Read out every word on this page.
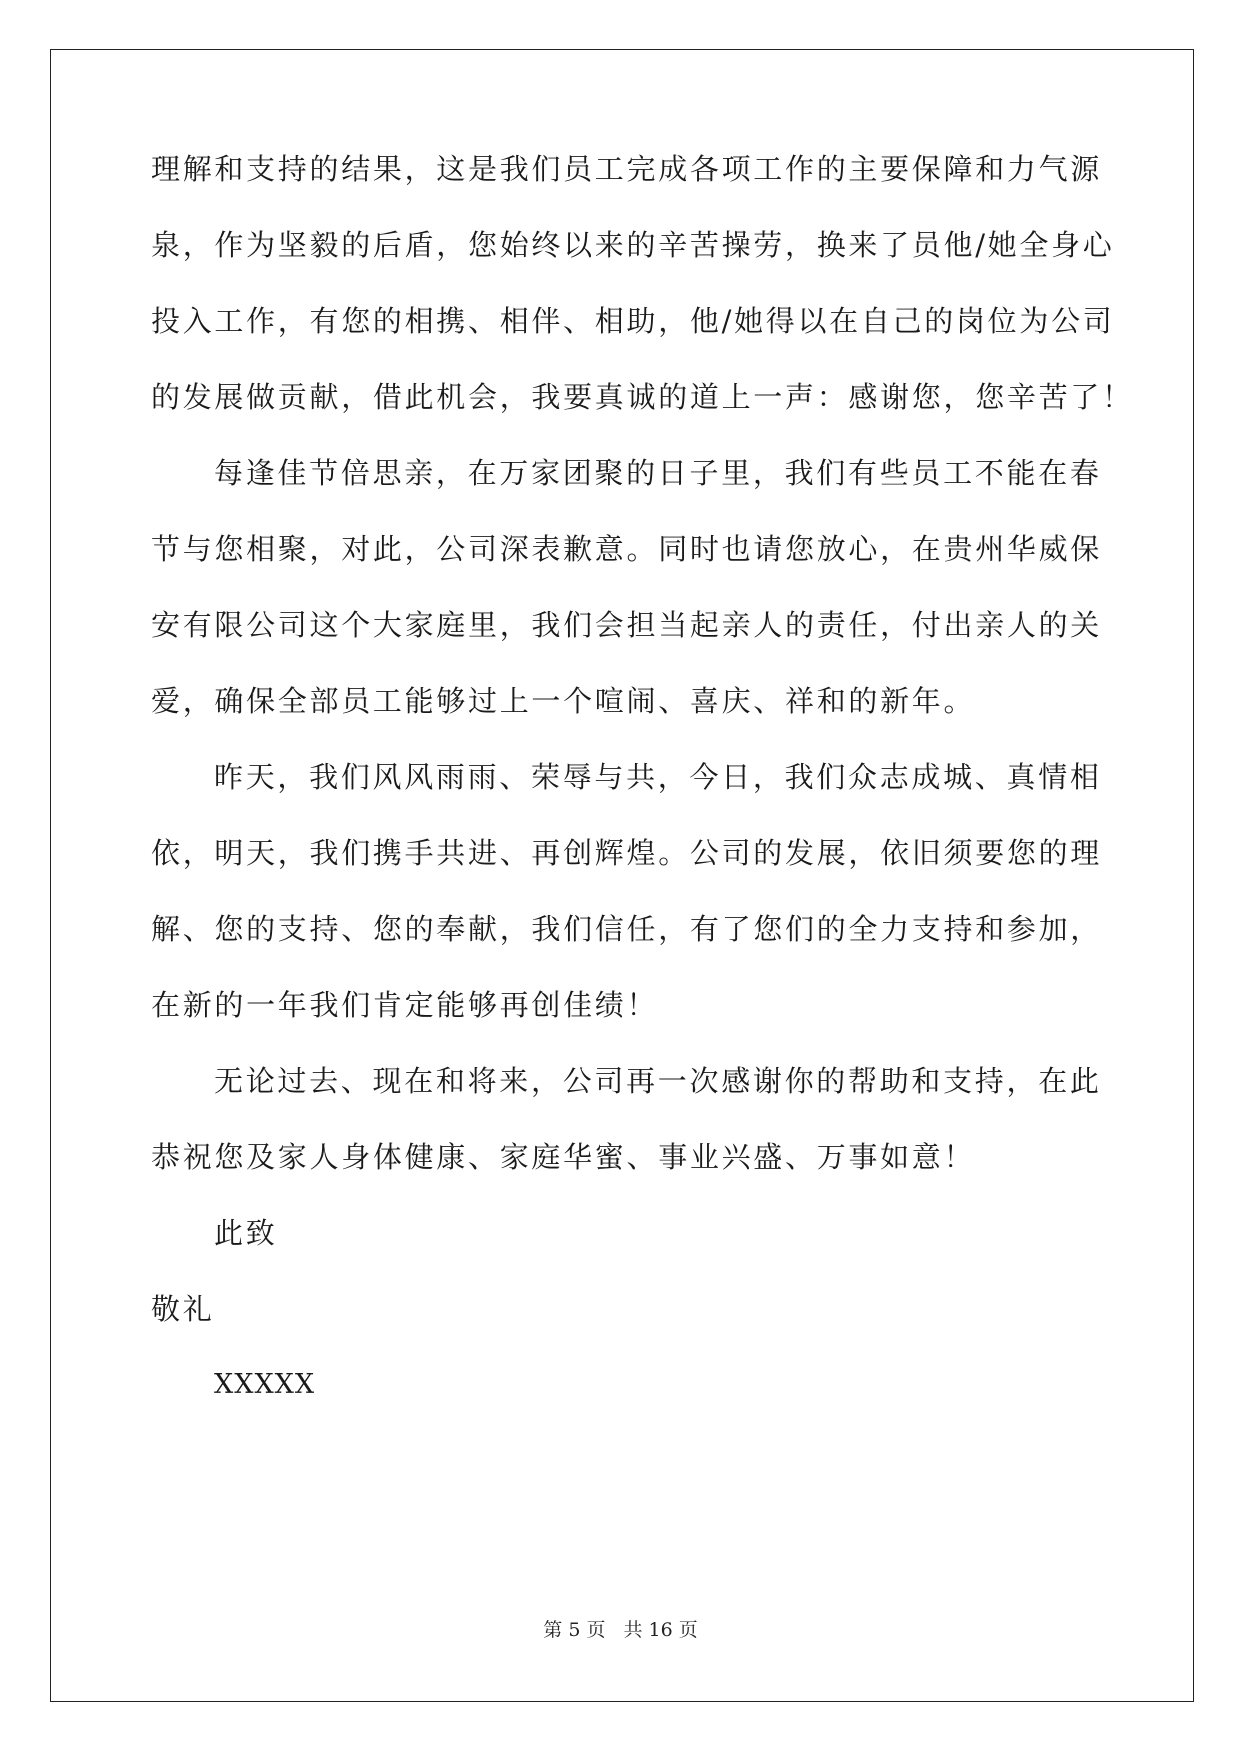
理解和支持的结果，这是我们员工完成各项工作的主要保障和力气源
泉，作为坚毅的后盾，您始终以来的辛苦操劳，换来了员他/她全身心
投入工作，有您的相携、相伴、相助，他/她得以在自己的岗位为公司
的发展做贡献，借此机会，我要真诚的道上一声：感谢您，您辛苦了！
每逢佳节倍思亲，在万家团聚的日子里，我们有些员工不能在春
节与您相聚，对此，公司深表歉意。同时也请您放心，在贵州华威保
安有限公司这个大家庭里，我们会担当起亲人的责任，付出亲人的关
爱，确保全部员工能够过上一个喧闹、喜庆、祥和的新年。
昨天，我们风风雨雨、荣辱与共，今日，我们众志成城、真情相
依，明天，我们携手共进、再创辉煌。公司的发展，依旧须要您的理
解、您的支持、您的奉献，我们信任，有了您们的全力支持和参加，
在新的一年我们肯定能够再创佳绩！
无论过去、现在和将来，公司再一次感谢你的帮助和支持，在此
恭祝您及家人身体健康、家庭华蜜、事业兴盛、万事如意！
此致
敬礼
XXXXX
第 5 页 共 16 页
